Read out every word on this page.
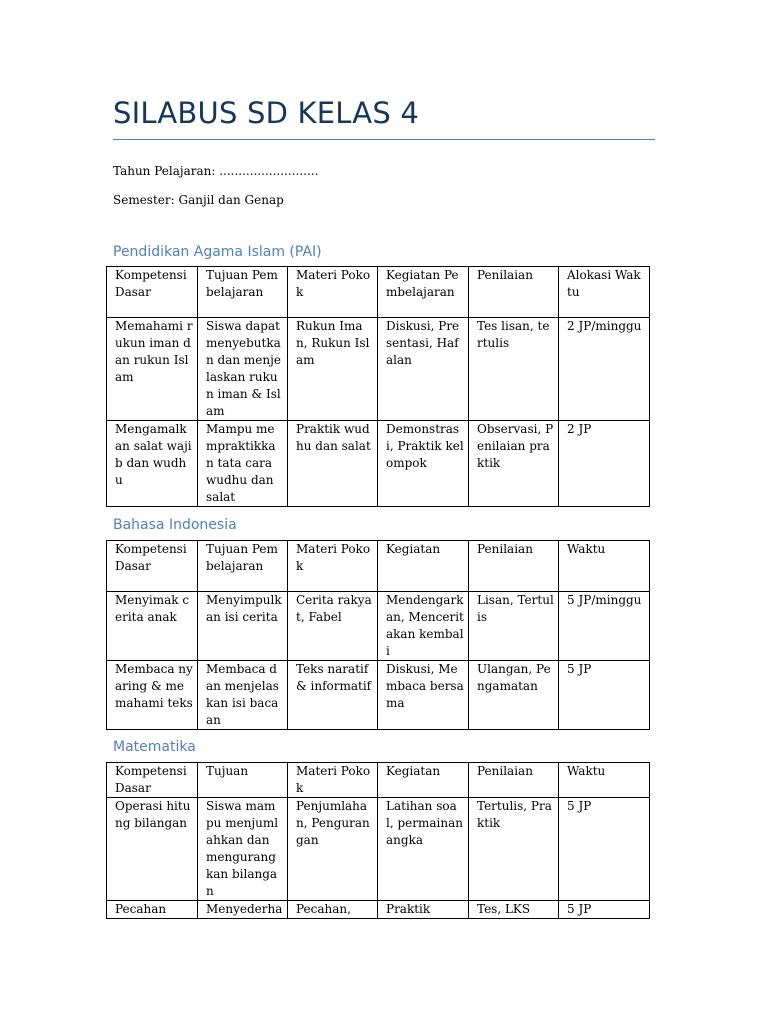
SILABUS SD KELAS 4

Tahun Pelajaran: ..........................

Semester: Ganjil dan Genap

Pendidikan Agama Islam (PAI)
Kompetensi Dasar	Tujuan Pembelajaran	Materi Pokok	Kegiatan Pembelajaran	Penilaian	Alokasi Waktu
Memahami rukun iman dan rukun Islam	Siswa dapat menyebutkan dan menjelaskan rukun iman & Islam	Rukun Iman, Rukun Islam	Diskusi, Presentasi, Hafalan	Tes lisan, tertulis	2 JP/minggu
Mengamalkan salat wajib dan wudhu	Mampu mempraktikkan tata cara wudhu dan salat	Praktik wudhu dan salat	Demonstrasi, Praktik kelompok	Observasi, Penilaian praktik	2 JP
Bahasa Indonesia
Kompetensi Dasar	Tujuan Pembelajaran	Materi Pokok	Kegiatan	Penilaian	Waktu
Menyimak cerita anak	Menyimpulkan isi cerita	Cerita rakyat, Fabel	Mendengarkan, Menceritakan kembali	Lisan, Tertulis	5 JP/minggu
Membaca nyaring & memahami teks	Membaca dan menjelaskan isi bacaan	Teks naratif & informatif	Diskusi, Membaca bersama	Ulangan, Pengamatan	5 JP
Matematika
Kompetensi Dasar	Tujuan	Materi Pokok	Kegiatan	Penilaian	Waktu
Operasi hitung bilangan	Siswa mampu menjumlahkan dan mengurangkan bilangan	Penjumlahan, Pengurangan	Latihan soal, permainan angka	Tertulis, Praktik	5 JP
Pecahan	Menyederha	Pecahan,	Praktik	Tes, LKS	5 JP
